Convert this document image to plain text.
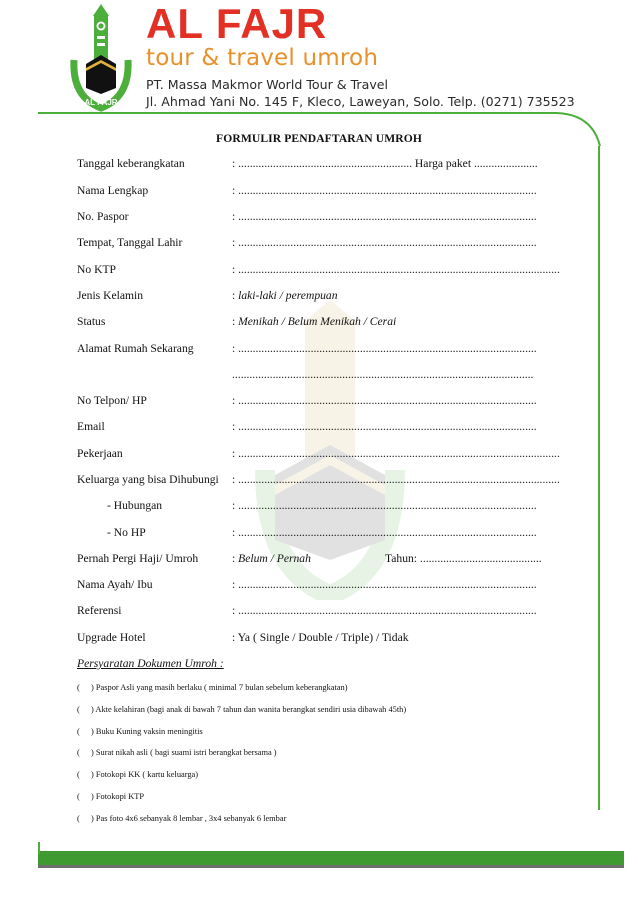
AL FAJR
AL FAJR
tour & travel umroh
PT. Massa Makmor World Tour & Travel
Jl. Ahmad Yani No. 145 F, Kleco, Laweyan, Solo. Telp. (0271) 735523
FORMULIR PENDAFTARAN UMROH
Tanggal keberangkatan	: ............................................................ Harga paket ......................
Nama Lengkap	: .......................................................................................................
No. Paspor	: .......................................................................................................
Tempat, Tanggal Lahir	: .......................................................................................................
No KTP	: ...............................................................................................................
Jenis Kelamin	: laki-laki / perempuan
Status	: Menikah / Belum Menikah / Cerai
Alamat Rumah Sekarang	: .......................................................................................................
........................................................................................................
No Telpon/ HP	: .......................................................................................................
Email	: .......................................................................................................
Pekerjaan	: ...............................................................................................................
Keluarga yang bisa Dihubungi : ...............................................................................................................
- Hubungan	: .......................................................................................................
- No HP	: .......................................................................................................
Pernah Pergi Haji/ Umroh	: Belum / Pernah	Tahun: ..........................................
Nama Ayah/ Ibu	: .......................................................................................................
Referensi	: .......................................................................................................
Upgrade Hotel	: Ya ( Single / Double / Triple) / Tidak
Persyaratan Dokumen Umroh :
( ) Paspor Asli yang masih berlaku ( minimal 7 bulan sebelum keberangkatan)
( ) Akte kelahiran (bagi anak di bawah 7 tahun dan wanita berangkat sendiri usia dibawah 45th)
( ) Buku Kuning vaksin meningitis
( ) Surat nikah asli ( bagi suami istri berangkat bersama )
( ) Fotokopi KK ( kartu keluarga)
( ) Fotokopi KTP
( ) Pas foto 4x6 sebanyak 8 lembar , 3x4 sebanyak 6 lembar
